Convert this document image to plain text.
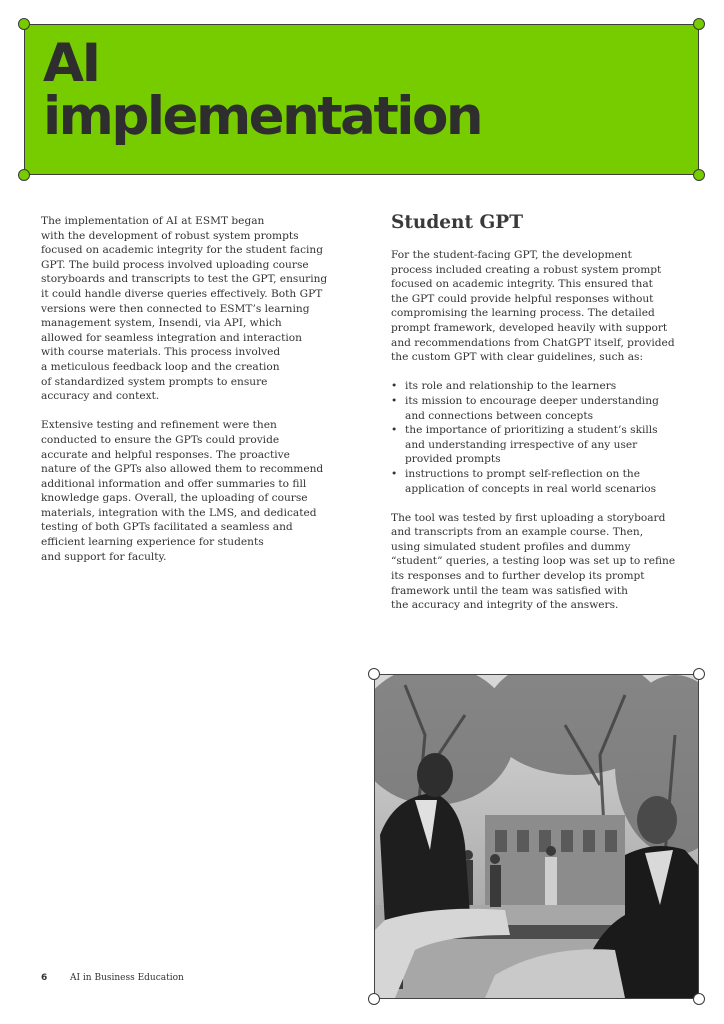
AI
implementation

The implementation of AI at ESMT began
with the development of robust system prompts
focused on academic integrity for the student facing
GPT. The build process involved uploading course
storyboards and transcripts to test the GPT, ensuring
it could handle diverse queries effectively. Both GPT
versions were then connected to ESMT’s learning
management system, Insendi, via API, which
allowed for seamless integration and interaction
with course materials. This process involved
a meticulous feedback loop and the creation
of standardized system prompts to ensure
accuracy and context.

Extensive testing and refinement were then
conducted to ensure the GPTs could provide
accurate and helpful responses. The proactive
nature of the GPTs also allowed them to recommend
additional information and offer summaries to fill
knowledge gaps. Overall, the uploading of course
materials, integration with the LMS, and dedicated
testing of both GPTs facilitated a seamless and
efficient learning experience for students
and support for faculty.

Student GPT

For the student-facing GPT, the development
process included creating a robust system prompt
focused on academic integrity. This ensured that
the GPT could provide helpful responses without
compromising the learning process. The detailed
prompt framework, developed heavily with support
and recommendations from ChatGPT itself, provided
the custom GPT with clear guidelines, such as:

• its role and relationship to the learners
• its mission to encourage deeper understanding
and connections between concepts
• the importance of prioritizing a student’s skills
and understanding irrespective of any user
provided prompts
• instructions to prompt self-reflection on the
application of concepts in real world scenarios

The tool was tested by first uploading a storyboard
and transcripts from an example course. Then,
using simulated student profiles and dummy
“student” queries, a testing loop was set up to refine
its responses and to further develop its prompt
framework until the team was satisfied with
the accuracy and integrity of the answers.

6	AI in Business Education
